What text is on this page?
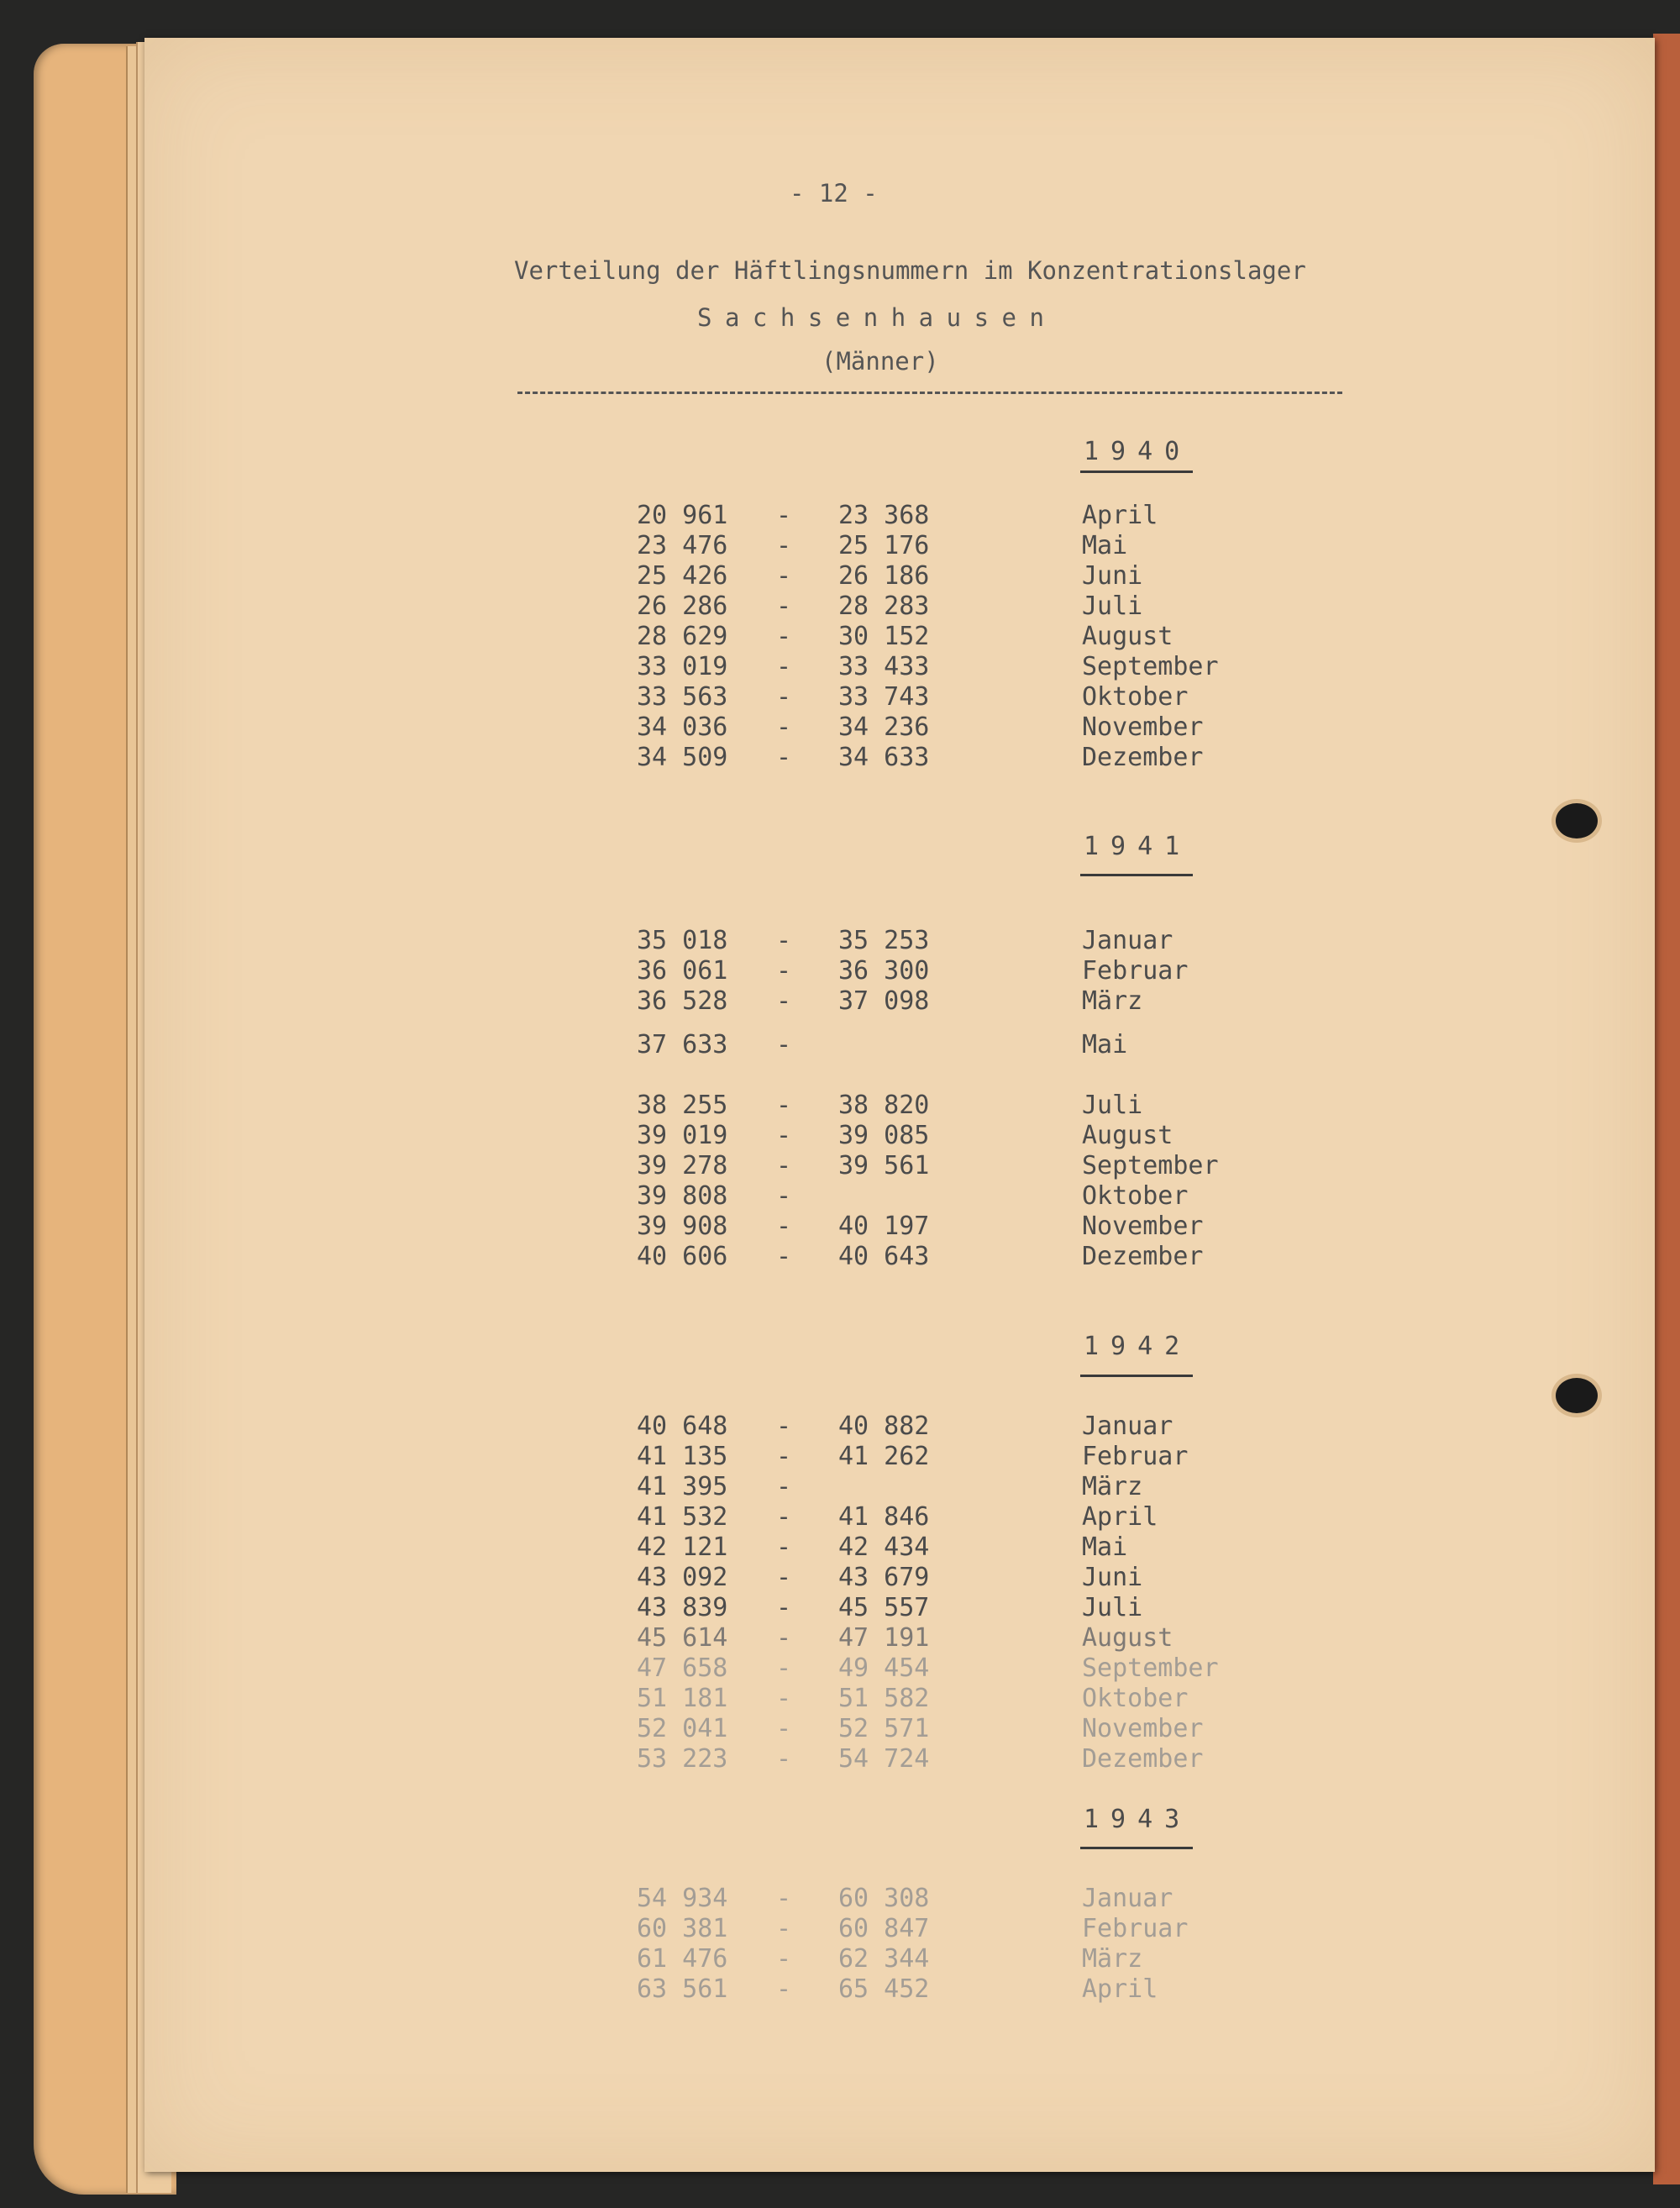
- 12 -
Verteilung der Häftlingsnummern im Konzentrationslager
Sachsenhausen
(Männer)
1940
20 961	- 23 368	April
23 476	- 25 176	Mai
25 426	- 26 186	Juni
26 286	- 28 283	Juli
28 629	- 30 152	August
33 019	- 33 433	September
33 563	- 33 743	Oktober
34 036	- 34 236	November
34 509	- 34 633	Dezember
1941
35 018	- 35 253	Januar
36 061	- 36 300	Februar
36 528	- 37 098	März
37 633	-	Mai
38 255	- 38 820	Juli
39 019	- 39 085	August
39 278	- 39 561	September
39 808	-	Oktober
39 908	- 40 197	November
40 606	- 40 643	Dezember
1942
40 648	- 40 882	Januar
41 135	- 41 262	Februar
41 395	-	März
41 532	- 41 846	April
42 121	- 42 434	Mai
43 092	- 43 679	Juni
43 839	- 45 557	Juli
45 614	- 47 191	August
47 658	- 49 454	September
51 181	- 51 582	Oktober
52 041	- 52 571	November
53 223	- 54 724	Dezember
1943
54 934	- 60 308	Januar
60 381	- 60 847	Februar
61 476	- 62 344	März
63 561	- 65 452	April
